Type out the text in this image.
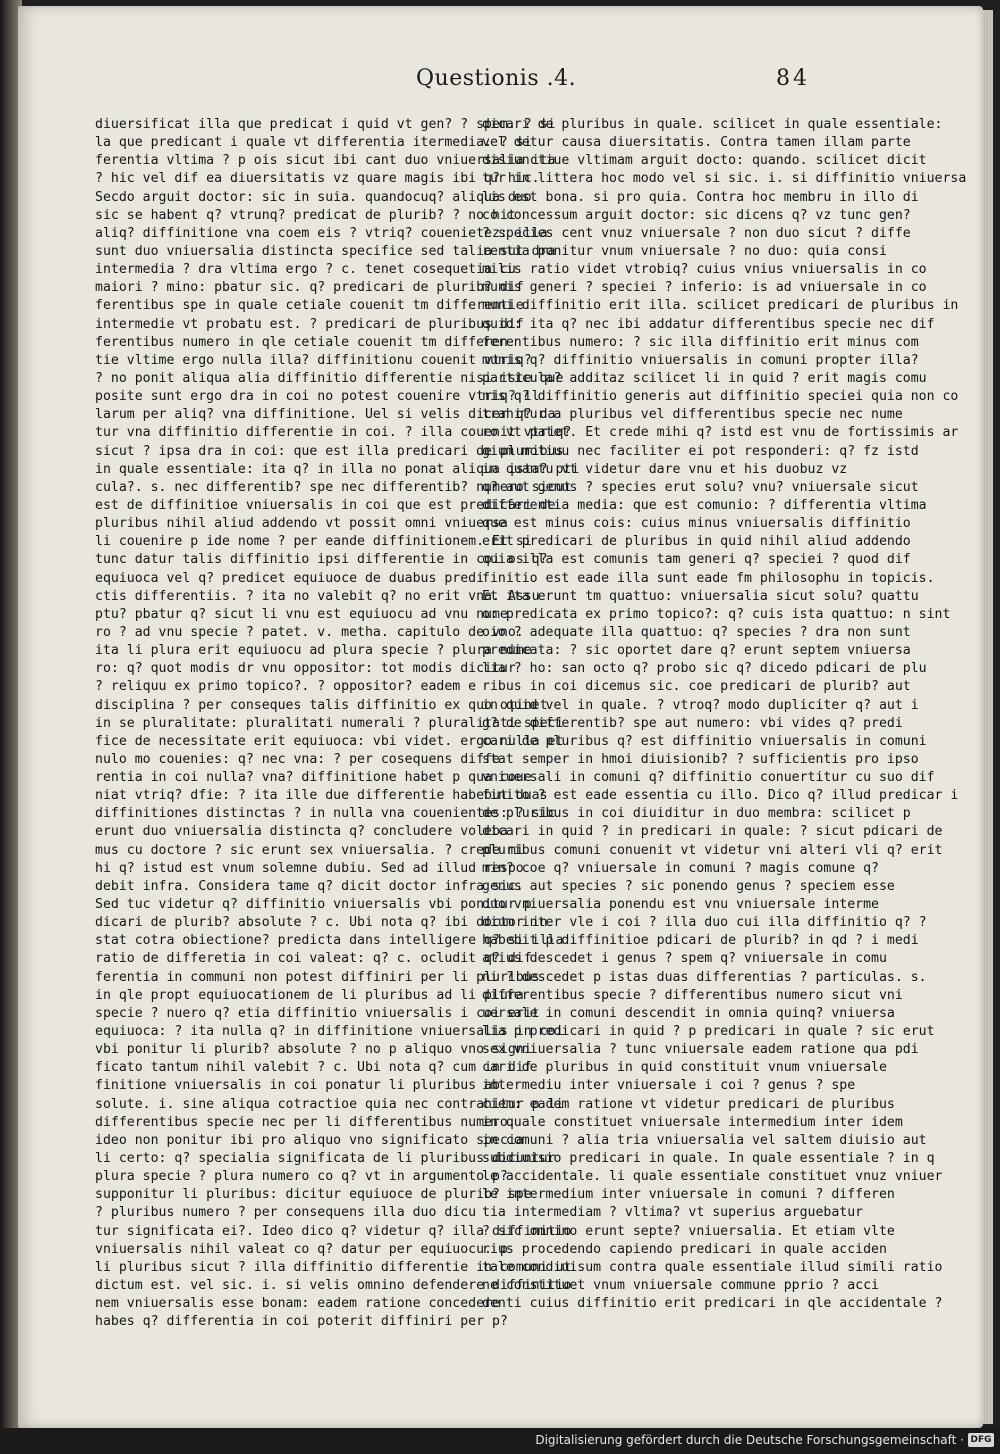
Questionis .4.	84
diuersificat illa que predicat i quid vt gen? ? spem. ? si
la que predicant i quale vt differentia itermedia. ? si
ferentia vltima ? p ois sicut ibi cant duo vniuersalia ita
? hic vel dif ea diuersitatis vz quare magis ibi q? hic.
Secdo arguit doctor: sic in suia. quandocuq? aliqua duo
sic se habent q? vtrunq? predicat de plurib? ? no hit
aliq? diffinitione vna coem eis ? vtriq? couenietez: illa
sunt duo vniuersalia distincta specifice sed talia sut dra
intermedia ? dra vltima ergo ? c. tenet cosequetia cu
maiori ? mino: pbatur sic. q? predicari de plurib? dif
ferentibus spe in quale cetiale couenit tm differentie
intermedie vt probatu est. ? predicari de pluribus dif
ferentibus numero in qle cetiale couenit tm differen
tie vltime ergo nulla illa? diffinitionu couenit vtriq?
? no ponit aliqua alia diffinitio differentie nisi iste que
posite sunt ergo dra in coi no potest couenire vtriq? il
larum per aliq? vna diffinitione. Uel si velis dicer q? da
tur vna diffinitio differentie in coi. ? illa couenit vtriq?
sicut ? ipsa dra in coi: que est illa predicari de pluribus
in quale essentiale: ita q? in illa no ponat aliqua ista? pti
cula?. s. nec differentib? spe nec differentib? numero sicut
est de diffinitioe vniuersalis in coi que est predicari de
pluribus nihil aliud addendo vt possit omni vniuersa
li couenire p ide nome ? per eande diffinitionem. Et si
tunc datur talis diffinitio ipsi differentie in coi os q?
equiuoca vel q? predicet equiuoce de duabus predi
ctis differentiis. ? ita no valebit q? no erit vna. Assu
ptu? pbatur q? sicut li vnu est equiuocu ad vnu nume
ro ? ad vnu specie ? patet. v. metha. capitulo de vno.
ita li plura erit equiuocu ad plura specie ? plura nume
ro: q? quot modis dr vnu oppositor: tot modis dicitur
? reliquu ex primo topico?. ? oppositor? eadem e
disciplina ? per conseques talis diffinitio ex quo otinet
in se pluralitate: pluralitati numerali ? pluralitati speci
fice de necessitate erit equiuoca: vbi videt. ergo nulla et
nulo mo couenies: q? nec vna: ? per cosequens diffe
rentia in coi nulla? vna? diffinitione habet p qua coue
niat vtriq? dfie: ? ita ille due differentie habebut duas
diffinitiones distinctas ? in nulla vna couenientes: ? sic
erunt duo vniuersalia distincta q? concludere voleba
mus cu doctore ? sic erunt sex vniuersalia. ? crede mi
hi q? istud est vnum solemne dubiu. Sed ad illud respo
debit infra. Considera tame q? dicit doctor infra sic.
Sed tuc videtur q? diffinitio vniuersalis vbi ponitur p
dicari de plurib? absolute ? c. Ubi nota q? ibi doctor in
stat cotra obiectione? predicta dans intelligere q? si illa
ratio de differetia in coi valeat: q? c. ocludit q? dif
ferentia in communi non potest diffiniri per li pluribus
in qle propt equiuocationem de li pluribus ad li plura
specie ? nuero q? etia diffinitio vniuersalis i coi erit
equiuoca: ? ita nulla q? in diffinitione vniuersalis in coi
vbi ponitur li plurib? absolute ? no p aliquo vno signi
ficato tantum nihil valebit ? c. Ubi nota q? cum in dif
finitione vniuersalis in coi ponatur li pluribus ab
solute. i. sine aliqua cotractioe quia nec contrahitur p li
differentibus specie nec per li differentibus numero.
ideo non ponitur ibi pro aliquo vno significato specia
li certo: q? specialia significata de li pluribus dicuntur
plura specie ? plura numero co q? vt in argumento p?
supponitur li pluribus: dicitur equiuoce de plurib? spe
? pluribus numero ? per consequens illa duo dicu
tur significata ei?. Ideo dico q? videtur q? illa diffinitio
vniuersalis nihil valeat co q? datur per equiuocu. p
li pluribus sicut ? illa diffinitio differentie in comuni ut
dictum est. vel sic. i. si velis omnino defendere diffinitio
nem vniuersalis esse bonam: eadem ratione concedere
habes q? differentia in coi poterit diffiniri per p?
dicari de pluribus in quale. scilicet in quale essentiale:
vel detur causa diuersitatis. Contra tamen illam parte
disiunctiue vltimam arguit docto: quando. scilicet dicit
tur in littera hoc modo vel si sic. i. si diffinitio vniuersa
lis est bona. si pro quia. Contra hoc membru in illo di
co concessum arguit doctor: sic dicens q? vz tunc gen?
? species cent vnuz vniuersale ? non duo sicut ? diffe
rentia ponitur vnum vniuersale ? no duo: quia consi
milis ratio videt vtrobiq? cuius vnius vniuersalis in co
munis generi ? speciei ? inferio: is ad vniuersale in co
muni diffinitio erit illa. scilicet predicari de pluribus in
quid: ita q? nec ibi addatur differentibus specie nec dif
ferentibus numero: ? sic illa diffinitio erit minus com
munis q? diffinitio vniuersalis in comuni propter illa?
particula? additaz scilicet li in quid ? erit magis comu
nis q? diffinitio generis aut diffinitio speciei quia non co
trahitur a pluribus vel differentibus specie nec nume
ro vt patet. Et crede mihi q? istd est vnu de fortissimis ar
gium motiuu nec faciliter ei pot responderi: q? fz istd
in quantu vt videtur dare vnu et his duobuz vz
q? aut genus ? species erut solu? vnu? vniuersale sicut
differentia media: que est comunio: ? differentia vltima
que est minus cois: cuius minus vniuersalis diffinitio
erit predicari de pluribus in quid nihil aliud addendo
quia illa est comunis tam generi q? speciei ? quod dif
finitio est eade illa sunt eade fm philosophu in topicis.
Et ita erunt tm quattuo: vniuersalia sicut solu? quattu
o: predicata ex primo topico?: q? cuis ista quattuo: n sint
oio ? adequate illa quattuo: q? species ? dra non sunt
predicata: ? sic oportet dare q? erunt septem vniuersa
lia ? ho: san octo q? probo sic q? dicedo pdicari de plu
ribus in coi dicemus sic. coe predicari de plurib? aut
in quid vel in quale. ? vtroq? modo dupliciter q? aut i
g? de differentib? spe aut numero: vbi vides q? predi
cari de pluribus q? est diffinitio vniuersalis in comuni
stat semper in hmoi diuisionib? ? sufficientis pro ipso
vniuersali in comuni q? diffinitio conuertitur cu suo dif
finito ? est eade essentia cu illo. Dico q? illud predicar i
de pluribus in coi diuiditur in duo membra: scilicet p
dicari in quid ? in predicari in quale: ? sicut pdicari de
pluribus comuni conuenit vt videtur vni alteri vli q? erit
min? coe q? vniuersale in comuni ? magis comune q?
genus aut species ? sic ponendo genus ? speciem esse
duo vniuersalia ponendu est vnu vniuersale interme
dium inter vle i coi ? illa duo cui illa diffinitio q? ?
habebit p diffinitioe pdicari de plurib? in qd ? i medi
atius descedet i genus ? spem q? vniuersale in comu
ni ? descedet p istas duas differentias ? particulas. s.
differentibus specie ? differentibus numero sicut vni
uersale in comuni descendit in omnia quinq? vniuersa
lia p predicari in quid ? p predicari in quale ? sic erut
sex vniuersalia ? tunc vniuersale eadem ratione qua pdi
cari de pluribus in quid constituit vnum vniuersale
intermediu inter vniuersale i coi ? genus ? spe
ciem: eadem ratione vt videtur predicari de pluribus
in quale constituet vniuersale intermedium inter idem
in comuni ? alia tria vniuersalia vel saltem diuisio aut
subdiuisio predicari in quale. In quale essentiale ? in q
le accidentale. li quale essentiale constituet vnuz vniuer
le intermedium inter vniuersale in comuni ? differen
tia intermediam ? vltima? vt superius arguebatur
? sic omnino erunt septe? vniuersalia. Et etiam vlte
rius procedendo capiendo predicari in quale acciden
tale condiuisum contra quale essentiale illud simili ratio
ne constituet vnum vniuersale commune pprio ? acci
denti cuius diffinitio erit predicari in qle accidentale ?
Digitalisierung gefördert durch die Deutsche Forschungsgemeinschaft · DFG
